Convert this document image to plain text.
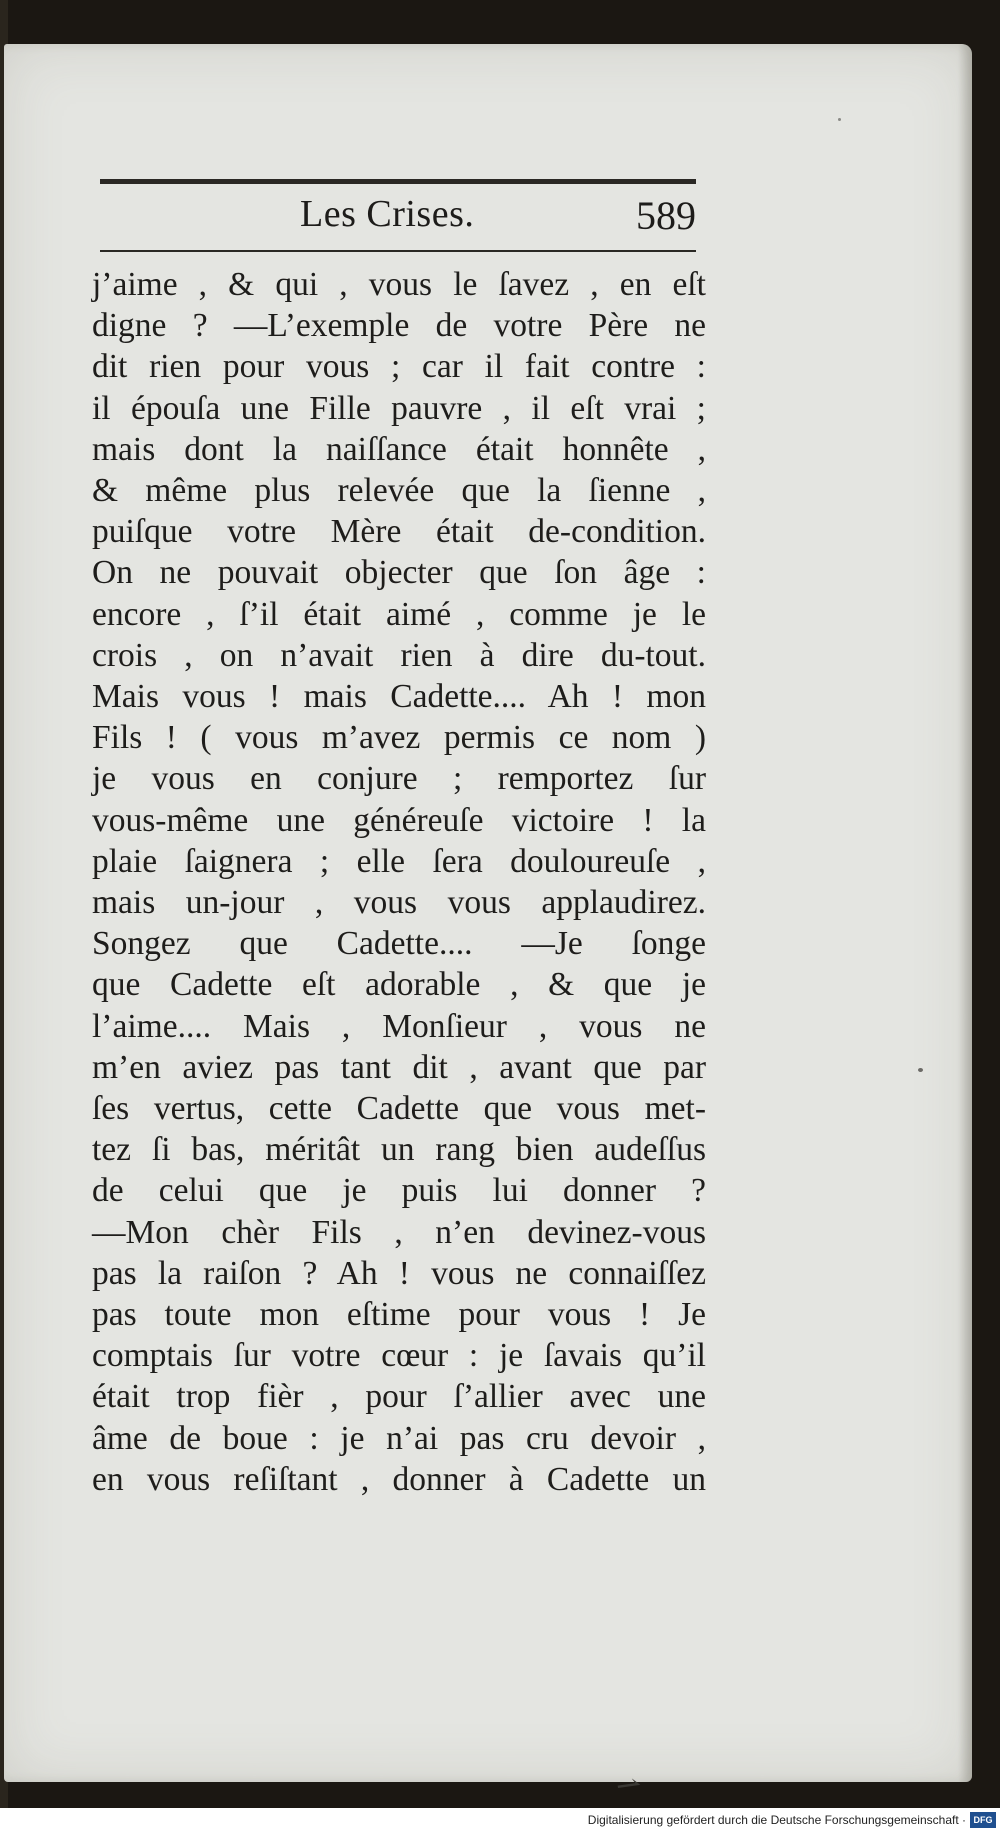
Les Crises.	589
j’aime , & qui , vous le ſavez , en eſt
digne ? —L’exemple de votre Père ne
dit rien pour vous ; car il fait contre :
il épouſa une Fille pauvre , il eſt vrai ;
mais dont la naiſſance était honnête ,
& même plus relevée que la ſienne ,
puiſque votre Mère était de-condition.
On ne pouvait objecter que ſon âge :
encore , ſ’il était aimé , comme je le
crois , on n’avait rien à dire du-tout.
Mais vous ! mais Cadette.... Ah ! mon
Fils ! ( vous m’avez permis ce nom )
je vous en conjure ; remportez ſur
vous-même une généreuſe victoire ! la
plaie ſaignera ; elle ſera douloureuſe ,
mais un-jour , vous vous applaudirez.
Songez que Cadette.... —Je ſonge
que Cadette eſt adorable , & que je
l’aime.... Mais , Monſieur , vous ne
m’en aviez pas tant dit , avant que par
ſes vertus, cette Cadette que vous met-
tez ſi bas, méritât un rang bien audeſſus
de celui que je puis lui donner ?
—Mon chèr Fils , n’en devinez-vous
pas la raiſon ? Ah ! vous ne connaiſſez
pas toute mon eſtime pour vous ! Je
comptais ſur votre cœur : je ſavais qu’il
était trop fièr , pour ſ’allier avec une
âme de boue : je n’ai pas cru devoir ,
en vous reſiſtant , donner à Cadette un
⇀
Digitalisierung gefördert durch die Deutsche Forschungsgemeinschaft · DFG
